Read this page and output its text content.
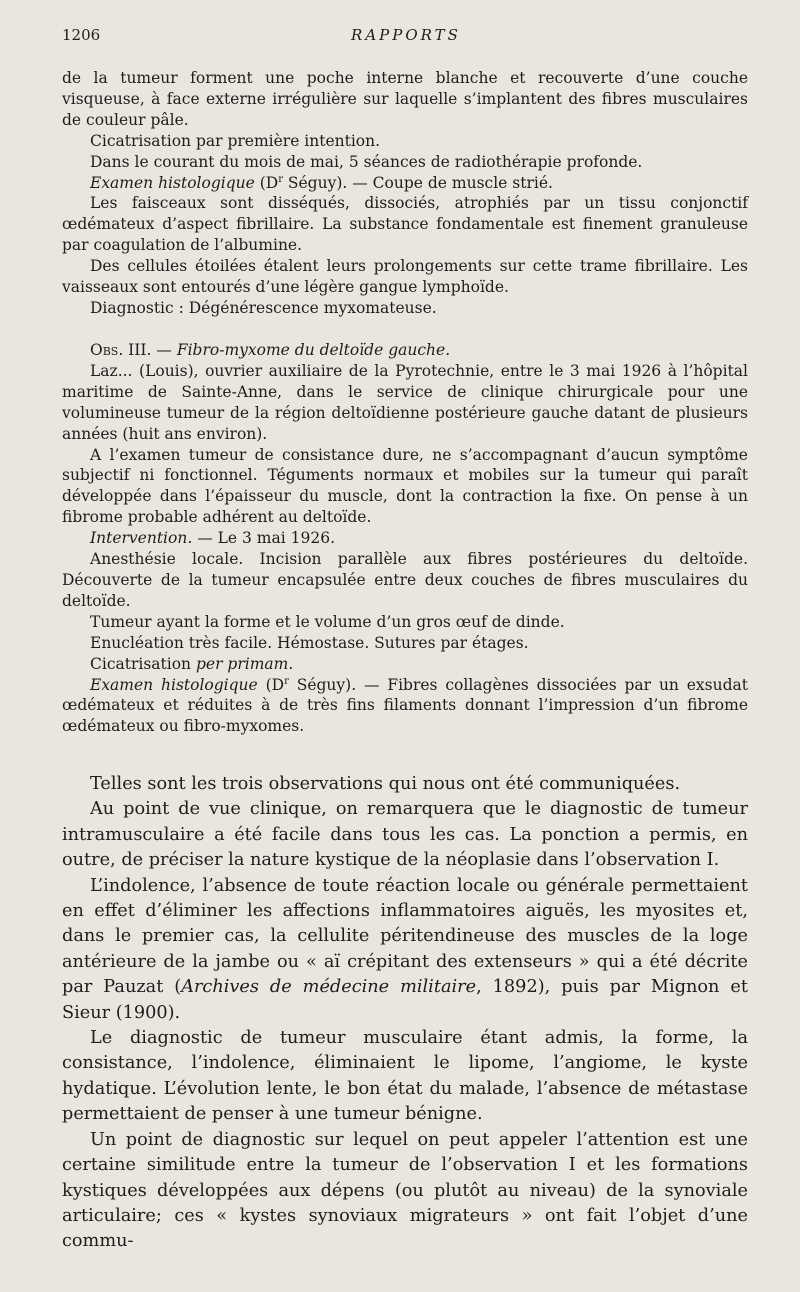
1206	RAPPORTS

de la tumeur forment une poche interne blanche et recouverte d’une couche visqueuse, à face externe irrégulière sur laquelle s’implantent des fibres musculaires de couleur pâle.

Cicatrisation par première intention.

Dans le courant du mois de mai, 5 séances de radiothérapie profonde.

Examen histologique ($D^r$ Séguy). — Coupe de muscle strié.

Les faisceaux sont disséqués, dissociés, atrophiés par un tissu conjonctif œdémateux d’aspect fibrillaire. La substance fondamentale est finement granuleuse par coagulation de l’albumine.

Des cellules étoilées étalent leurs prolongements sur cette trame fibrillaire. Les vaisseaux sont entourés d’une légère gangue lymphoïde.

Diagnostic : Dégénérescence myxomateuse.

Obs. III. — Fibro-myxome du deltoïde gauche.

Laz... (Louis), ouvrier auxiliaire de la Pyrotechnie, entre le 3 mai 1926 à l’hôpital maritime de Sainte-Anne, dans le service de clinique chirurgicale pour une volumineuse tumeur de la région deltoïdienne postérieure gauche datant de plusieurs années (huit ans environ).

A l’examen tumeur de consistance dure, ne s’accompagnant d’aucun symptôme subjectif ni fonctionnel. Téguments normaux et mobiles sur la tumeur qui paraît développée dans l’épaisseur du muscle, dont la contraction la fixe. On pense à un fibrome probable adhérent au deltoïde.

Intervention. — Le 3 mai 1926.

Anesthésie locale. Incision parallèle aux fibres postérieures du deltoïde. Découverte de la tumeur encapsulée entre deux couches de fibres musculaires du deltoïde.

Tumeur ayant la forme et le volume d’un gros œuf de dinde.

Enucléation très facile. Hémostase. Sutures par étages.

Cicatrisation per primam.

Examen histologique ($D^r$ Séguy). — Fibres collagènes dissociées par un exsudat œdémateux et réduites à de très fins filaments donnant l’impression d’un fibrome œdémateux ou fibro-myxomes.

Telles sont les trois observations qui nous ont été communiquées.

Au point de vue clinique, on remarquera que le diagnostic de tumeur intramusculaire a été facile dans tous les cas. La ponction a permis, en outre, de préciser la nature kystique de la néoplasie dans l’observation I.

L’indolence, l’absence de toute réaction locale ou générale permettaient en effet d’éliminer les affections inflammatoires aiguës, les myosites et, dans le premier cas, la cellulite péritendineuse des muscles de la loge antérieure de la jambe ou « aï crépitant des extenseurs » qui a été décrite par Pauzat (Archives de médecine militaire, 1892), puis par Mignon et Sieur (1900).

Le diagnostic de tumeur musculaire étant admis, la forme, la consistance, l’indolence, éliminaient le lipome, l’angiome, le kyste hydatique. L’évolution lente, le bon état du malade, l’absence de métastase permettaient de penser à une tumeur bénigne.

Un point de diagnostic sur lequel on peut appeler l’attention est une certaine similitude entre la tumeur de l’observation I et les formations kystiques développées aux dépens (ou plutôt au niveau) de la synoviale articulaire; ces « kystes synoviaux migrateurs » ont fait l’objet d’une commu-
